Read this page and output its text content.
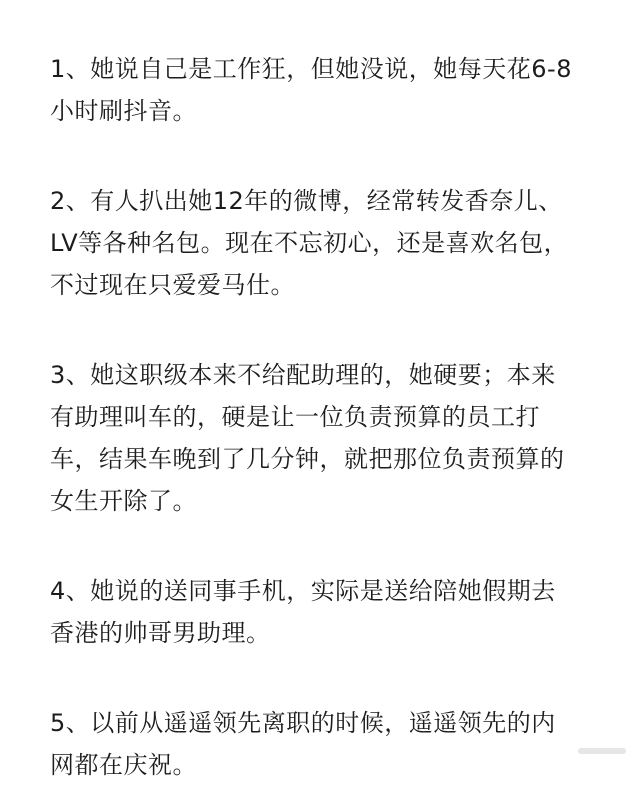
1、她说自己是工作狂，但她没说，她每天花6-8
小时刷抖音。
2、有人扒出她12年的微博，经常转发香奈儿、
LV等各种名包。现在不忘初心，还是喜欢名包，
不过现在只爱爱马仕。
3、她这职级本来不给配助理的，她硬要；本来
有助理叫车的，硬是让一位负责预算的员工打
车，结果车晚到了几分钟，就把那位负责预算的
女生开除了。
4、她说的送同事手机，实际是送给陪她假期去
香港的帅哥男助理。
5、以前从遥遥领先离职的时候，遥遥领先的内
网都在庆祝。
